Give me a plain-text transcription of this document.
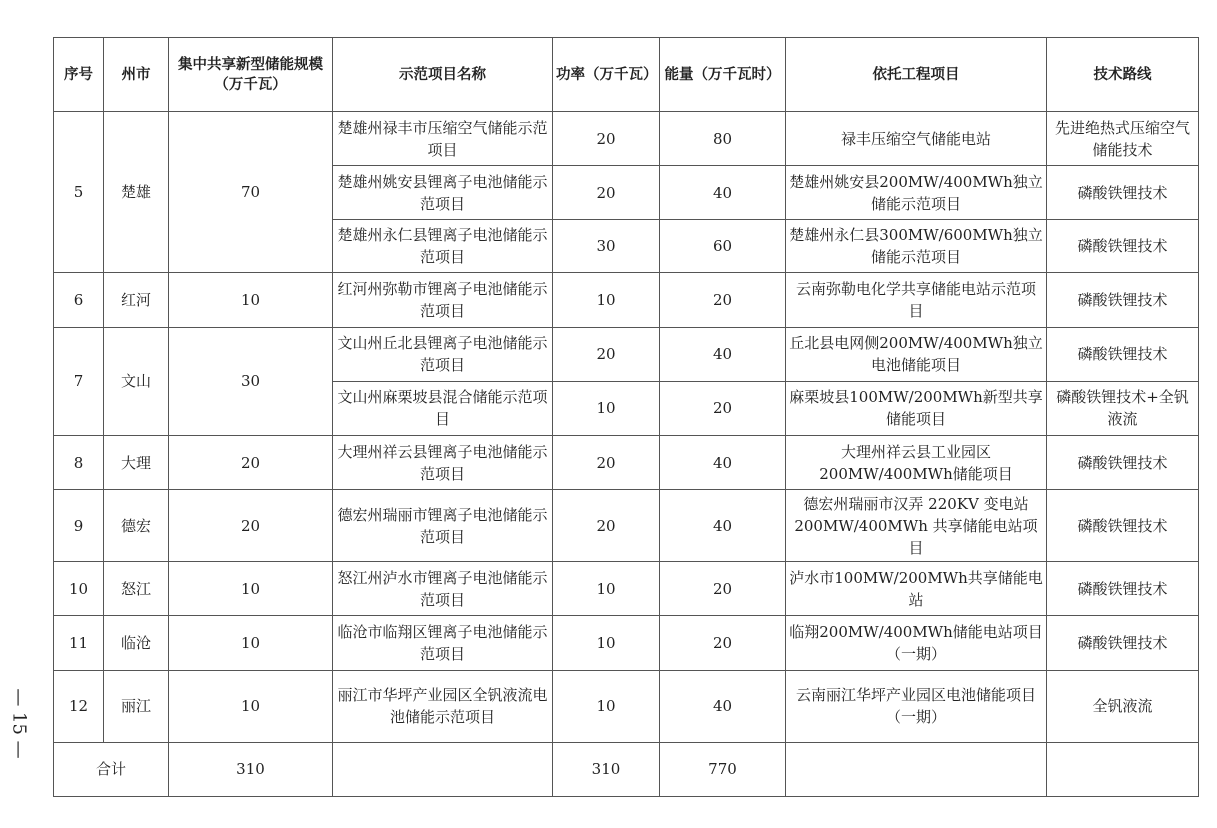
序号	州市	集中共享新型储能规模（万千瓦）	示范项目名称	功率（万千瓦）	能量（万千瓦时）	依托工程项目	技术路线
5	楚雄	70	楚雄州禄丰市压缩空气储能示范项目	20	80	禄丰压缩空气储能电站	先进绝热式压缩空气储能技术
			楚雄州姚安县锂离子电池储能示范项目	20	40	楚雄州姚安县200MW/400MWh独立储能示范项目	磷酸铁锂技术
			楚雄州永仁县锂离子电池储能示范项目	30	60	楚雄州永仁县300MW/600MWh独立储能示范项目	磷酸铁锂技术
6	红河	10	红河州弥勒市锂离子电池储能示范项目	10	20	云南弥勒电化学共享储能电站示范项目	磷酸铁锂技术
7	文山	30	文山州丘北县锂离子电池储能示范项目	20	40	丘北县电网侧200MW/400MWh独立电池储能项目	磷酸铁锂技术
			文山州麻栗坡县混合储能示范项目	10	20	麻栗坡县100MW/200MWh新型共享储能项目	磷酸铁锂技术+全钒液流
8	大理	20	大理州祥云县锂离子电池储能示范项目	20	40	大理州祥云县工业园区200MW/400MWh储能项目	磷酸铁锂技术
9	德宏	20	德宏州瑞丽市锂离子电池储能示范项目	20	40	德宏州瑞丽市汉弄 220KV 变电站200MW/400MWh 共享储能电站项目	磷酸铁锂技术
10	怒江	10	怒江州泸水市锂离子电池储能示范项目	10	20	泸水市100MW/200MWh共享储能电站	磷酸铁锂技术
11	临沧	10	临沧市临翔区锂离子电池储能示范项目	10	20	临翔200MW/400MWh储能电站项目（一期）	磷酸铁锂技术
12	丽江	10	丽江市华坪产业园区全钒液流电池储能示范项目	10	40	云南丽江华坪产业园区电池储能项目（一期）	全钒液流
合计		310		310	770		
— 15 —
